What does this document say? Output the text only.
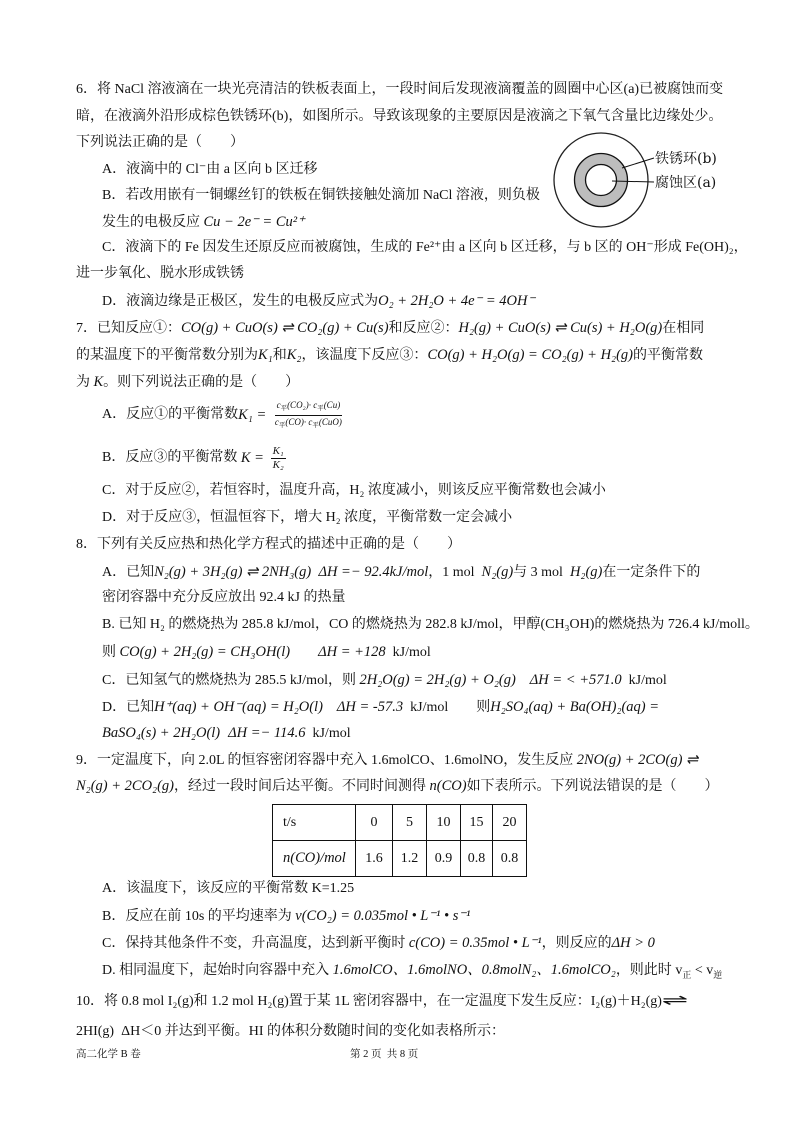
6．将 NaCl 溶液滴在一块光亮清洁的铁板表面上，一段时间后发现液滴覆盖的圆圈中心区(a)已被腐蚀而变
暗，在液滴外沿形成棕色铁锈环(b)，如图所示。导致该现象的主要原因是液滴之下氧气含量比边缘处少。
下列说法正确的是（　　）
A．液滴中的 Cl⁻由 a 区向 b 区迁移
B．若改用嵌有一铜螺丝钉的铁板在铜铁接触处滴加 NaCl 溶液，则负极
发生的电极反应 Cu − 2e⁻ = Cu²⁺
C．液滴下的 Fe 因发生还原反应而被腐蚀，生成的 Fe²⁺由 a 区向 b 区迁移，与 b 区的 OH⁻形成 Fe(OH)₂，
进一步氧化、脱水形成铁锈
D．液滴边缘是正极区，发生的电极反应式为 O₂ + 2H₂O + 4e⁻ = 4OH⁻
铁锈环(b)
腐蚀区(a)
7．已知反应①： CO(g) + CuO(s) ⇌ CO₂(g) + Cu(s) 和反应②： H₂(g) + CuO(s) ⇌ Cu(s) + H₂O(g) 在相同
的某温度下的平衡常数分别为 K₁ 和 K₂ ，该温度下反应③： CO(g) + H₂O(g) = CO₂(g) + H₂(g) 的平衡常数
为 K 。则下列说法正确的是（　　）
A．反应①的平衡常数 $K_1 = \frac{c_平(CO_2)\cdot c_平(Cu)}{c_平(CO)\cdot c_平(CuO)}$
B．反应③的平衡常数 $K = \frac{\text{K₁}}{\text{K₂}}$
C．对于反应②，若恒容时，温度升高，H₂ 浓度减小，则该反应平衡常数也会减小
D．对于反应③，恒温恒容下，增大 H₂ 浓度，平衡常数一定会减小
8．下列有关反应热和热化学方程式的描述中正确的是（　　）
A．已知 N₂(g) + 3H₂(g) ⇌ 2NH₃(g)  ΔH =− 92.4kJ/mol ，1 mol N₂(g) 与 3 mol H₂(g) 在一定条件下的
密闭容器中充分反应放出 92.4 kJ 的热量
B. 已知 H₂ 的燃烧热为 285.8 kJ/mol，CO 的燃烧热为 282.8 kJ/mol，甲醇(CH₃OH)的燃烧热为 726.4 kJ/moll。
则 CO(g) + 2H₂(g) = CH₃OH(l) ΔH = +128 kJ/mol
C．已知氢气的燃烧热为 285.5 kJ/mol，则 2H₂O(g) = 2H₂(g) + O₂(g) ΔH = < +571.0 kJ/mol
D．已知 H⁺(aq) + OH⁻(aq) = H₂O(l) ΔH = -57.3 kJ/mol 则 H₂SO₄(aq) + Ba(OH)₂(aq) =
BaSO₄(s) + 2H₂O(l) ΔH =− 114.6 kJ/mol
9．一定温度下，向 2.0L 的恒容密闭容器中充入 1.6molCO、1.6molNO，发生反应 2NO(g) + 2CO(g) ⇌
N₂(g) + 2CO₂(g) ，经过一段时间后达平衡。不同时间测得 n(CO) 如下表所示。下列说法错误的是（　　）
t/s	0	5	10	15	20
n(CO)/mol	1.6	1.2	0.9	0.8	0.8
A．该温度下，该反应的平衡常数 K=1.25
B．反应在前 10s 的平均速率为 v(CO₂) = 0.035mol • L⁻¹ • s⁻¹
C．保持其他条件不变，升高温度，达到新平衡时 c(CO) = 0.35mol • L⁻¹ ，则反应的 ΔH > 0
D. 相同温度下，起始时向容器中充入 1.6molCO、1.6molNO、0.8molN₂、1.6molCO₂ ，则此时 v 正 < v 逆
10．将 0.8 mol I₂(g)和 1.2 mol H₂(g)置于某 1L 密闭容器中，在一定温度下发生反应：I₂(g)＋H₂(g) ⇌
2HI(g)  ΔH＜0 并达到平衡。HI 的体积分数随时间的变化如表格所示：
高二化学 B 卷	第 2 页  共 8 页
